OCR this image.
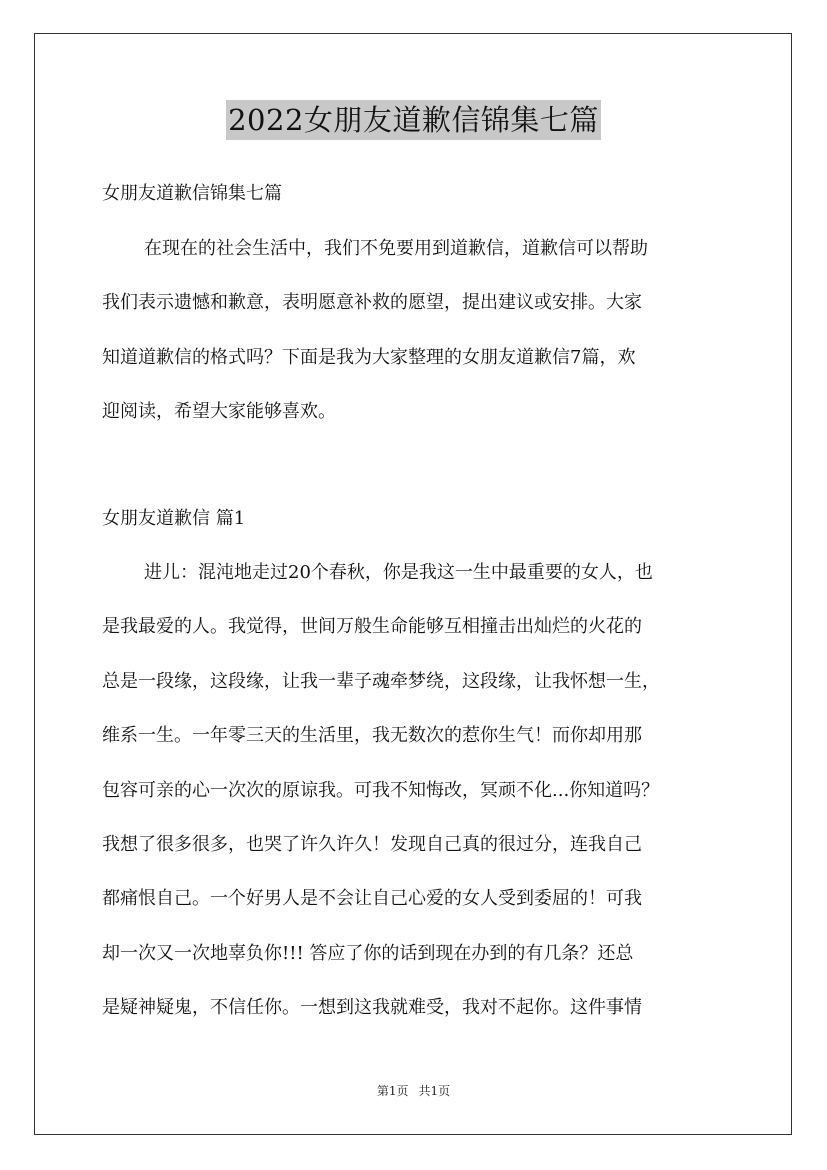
2022女朋友道歉信锦集七篇
女朋友道歉信锦集七篇
在现在的社会生活中，我们不免要用到道歉信，道歉信可以帮助
我们表示遗憾和歉意，表明愿意补救的愿望，提出建议或安排。大家
知道道歉信的格式吗？下面是我为大家整理的女朋友道歉信7篇，欢
迎阅读，希望大家能够喜欢。
女朋友道歉信 篇1
进儿：混沌地走过20个春秋，你是我这一生中最重要的女人，也
是我最爱的人。我觉得，世间万般生命能够互相撞击出灿烂的火花的
总是一段缘，这段缘，让我一辈子魂牵梦绕，这段缘，让我怀想一生，
维系一生。一年零三天的生活里，我无数次的惹你生气！而你却用那
包容可亲的心一次次的原谅我。可我不知悔改，冥顽不化...你知道吗？
我想了很多很多，也哭了许久许久！发现自己真的很过分，连我自己
都痛恨自己。一个好男人是不会让自己心爱的女人受到委屈的！可我
却一次又一次地辜负你!!! 答应了你的话到现在办到的有几条？还总
是疑神疑鬼，不信任你。一想到这我就难受，我对不起你。这件事情
第1页 共1页
